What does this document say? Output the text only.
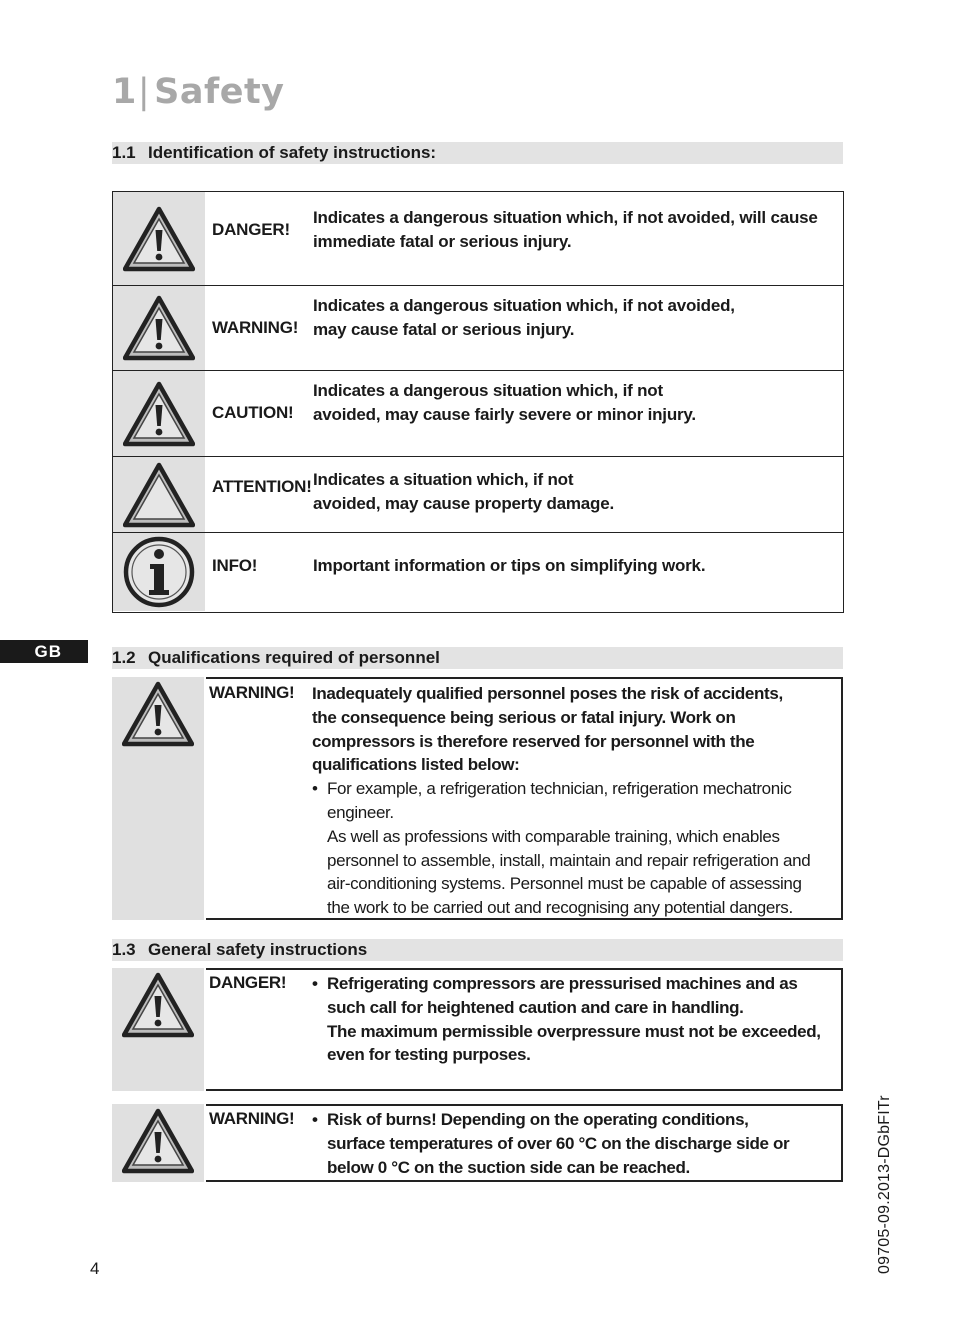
1| Safety
1.1 Identification of safety instructions:
DANGER!
Indicates a dangerous situation which, if not avoided, will cause
immediate fatal or serious injury.
WARNING!
Indicates a dangerous situation which, if not avoided,
may cause fatal or serious injury.
CAUTION!
Indicates a dangerous situation which, if not
avoided, may cause fairly severe or minor injury.
ATTENTION! Indicates a situation which, if not
avoided, may cause property damage.
INFO!	Important information or tips on simplifying work.
GB	1.2 Qualifications required of personnel
WARNING! Inadequately qualified personnel poses the risk of accidents,
the consequence being serious or fatal injury. Work on
compressors is therefore reserved for personnel with the
qualifications listed below:
• For example, a refrigeration technician, refrigeration mechatronic
engineer.
As well as professions with comparable training, which enables
personnel to assemble, install, maintain and repair refrigeration and
air-conditioning systems. Personnel must be capable of assessing
the work to be carried out and recognising any potential dangers.
1.3 General safety instructions
DANGER! • Refrigerating compressors are pressurised machines and as
such call for heightened caution and care in handling.
The maximum permissible overpressure must not be exceeded,
even for testing purposes.
WARNING! • Risk of burns! Depending on the operating conditions,
surface temperatures of over 60 °C on the discharge side or
below 0 °C on the suction side can be reached.
4	09705-09.2013-DGbFITr
